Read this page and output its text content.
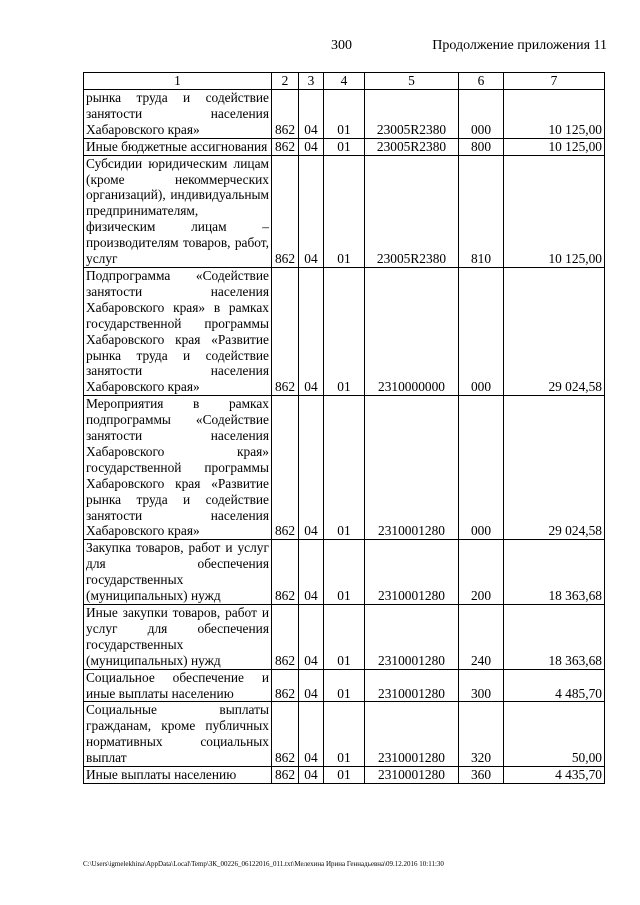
300	Продолжение приложения 11
1	2	3	4	5	6	7
рынка труда и содействие занятости населения Хабаровского края»	862	04	01	23005R2380	000	10 125,00
Иные бюджетные ассигнования	862	04	01	23005R2380	800	10 125,00
Субсидии юридическим лицам (кроме некоммерческих организаций), индивидуальным предпринимателям, физическим лицам – производителям товаров, работ, услуг	862	04	01	23005R2380	810	10 125,00
Подпрограмма «Содействие занятости населения Хабаровского края» в рамках государственной программы Хабаровского края «Развитие рынка труда и содействие занятости населения Хабаровского края»	862	04	01	2310000000	000	29 024,58
Мероприятия в рамках подпрограммы «Содействие занятости населения Хабаровского края» государственной программы Хабаровского края «Развитие рынка труда и содействие занятости населения Хабаровского края»	862	04	01	2310001280	000	29 024,58
Закупка товаров, работ и услуг для обеспечения государственных (муниципальных) нужд	862	04	01	2310001280	200	18 363,68
Иные закупки товаров, работ и услуг для обеспечения государственных (муниципальных) нужд	862	04	01	2310001280	240	18 363,68
Социальное обеспечение и иные выплаты населению	862	04	01	2310001280	300	4 485,70
Социальные выплаты гражданам, кроме публичных нормативных социальных выплат	862	04	01	2310001280	320	50,00
Иные выплаты населению	862	04	01	2310001280	360	4 435,70
C:\Users\igmelekhina\AppData\Local\Temp\ЗК_00226_06122016_011.txt\Мелехина Ирина Геннадьевна\09.12.2016 10:11:30
